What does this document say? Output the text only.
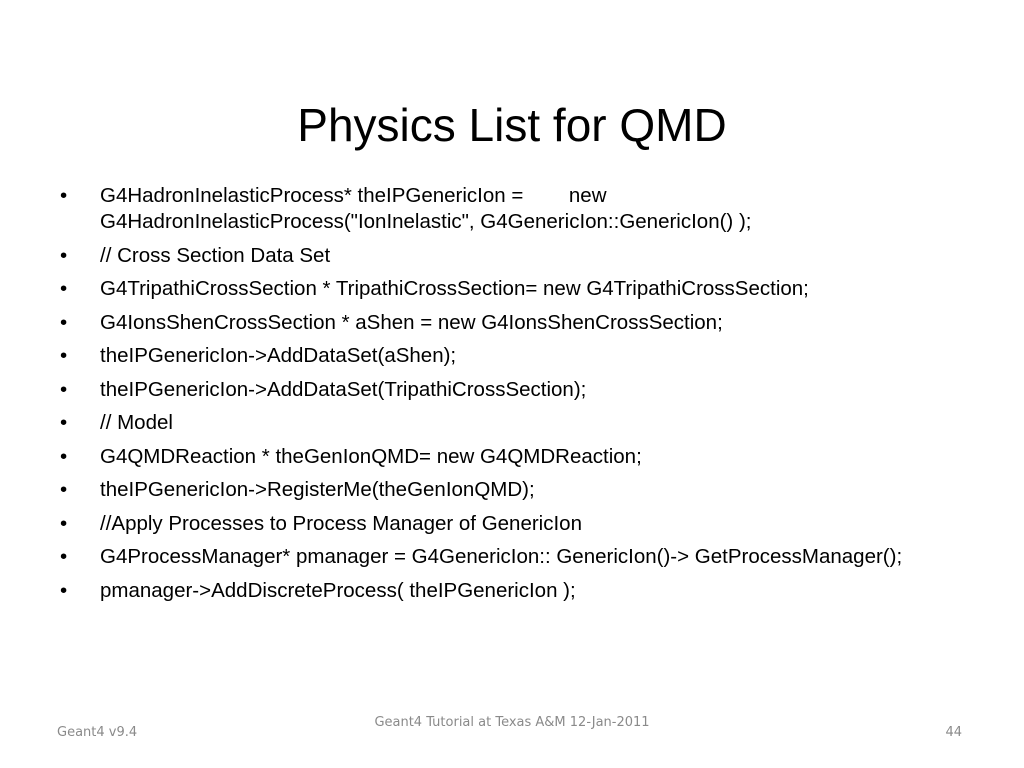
Physics List for QMD
•	G4HadronInelasticProcess* theIPGenericIon =        new G4HadronInelasticProcess("IonInelastic", G4GenericIon::GenericIon() );
•	// Cross Section Data Set
•	G4TripathiCrossSection * TripathiCrossSection= new G4TripathiCrossSection;
•	G4IonsShenCrossSection * aShen = new G4IonsShenCrossSection;
•	theIPGenericIon->AddDataSet(aShen);
•	theIPGenericIon->AddDataSet(TripathiCrossSection);
•	// Model
•	G4QMDReaction * theGenIonQMD= new G4QMDReaction;
•	theIPGenericIon->RegisterMe(theGenIonQMD);
•	//Apply Processes to Process Manager of GenericIon
•	G4ProcessManager* pmanager = G4GenericIon:: GenericIon()-> GetProcessManager();
•	pmanager->AddDiscreteProcess( theIPGenericIon );
Geant4 v9.4
Geant4 Tutorial at Texas A&M 12-Jan-2011
44
